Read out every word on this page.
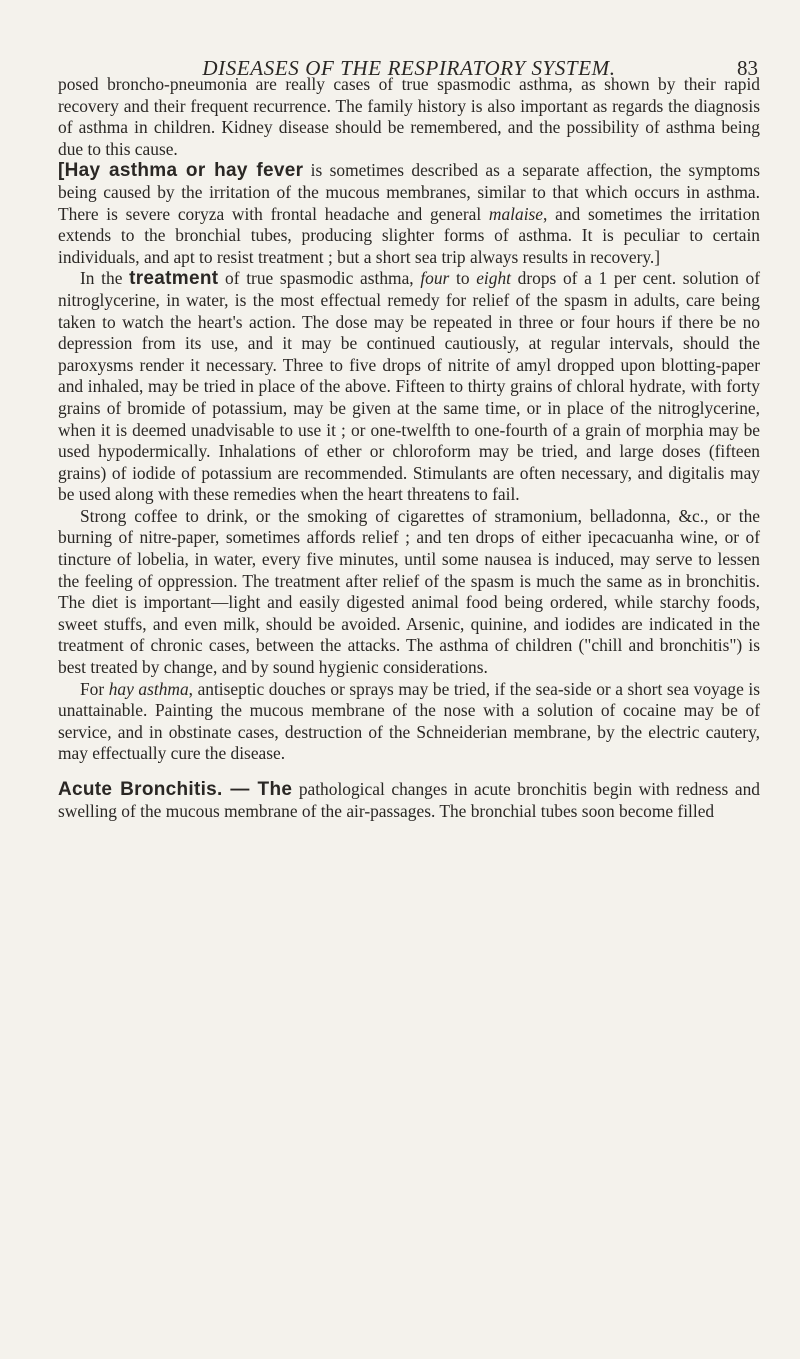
DISEASES OF THE RESPIRATORY SYSTEM.	83

posed broncho-pneumonia are really cases of true spasmodic asthma, as shown by their rapid recovery and their frequent recurrence. The family history is also important as regards the diagnosis of asthma in children. Kidney disease should be remembered, and the possibility of asthma being due to this cause.

[Hay asthma or hay fever is sometimes described as a separate affection, the symptoms being caused by the irritation of the mucous membranes, similar to that which occurs in asthma. There is severe coryza with frontal headache and general malaise, and sometimes the irritation extends to the bronchial tubes, producing slighter forms of asthma. It is peculiar to certain individuals, and apt to resist treatment ; but a short sea trip always results in recovery.]

In the treatment of true spasmodic asthma, four to eight drops of a 1 per cent. solution of nitroglycerine, in water, is the most effectual remedy for relief of the spasm in adults, care being taken to watch the heart's action. The dose may be repeated in three or four hours if there be no depression from its use, and it may be continued cautiously, at regular intervals, should the paroxysms render it necessary. Three to five drops of nitrite of amyl dropped upon blotting-paper and inhaled, may be tried in place of the above. Fifteen to thirty grains of chloral hydrate, with forty grains of bromide of potassium, may be given at the same time, or in place of the nitroglycerine, when it is deemed unadvisable to use it ; or one-twelfth to one-fourth of a grain of morphia may be used hypodermically. Inhalations of ether or chloroform may be tried, and large doses (fifteen grains) of iodide of potassium are recommended. Stimulants are often necessary, and digitalis may be used along with these remedies when the heart threatens to fail.

Strong coffee to drink, or the smoking of cigarettes of stramonium, belladonna, &c., or the burning of nitre-paper, sometimes affords relief ; and ten drops of either ipecacuanha wine, or of tincture of lobelia, in water, every five minutes, until some nausea is induced, may serve to lessen the feeling of oppression. The treatment after relief of the spasm is much the same as in bronchitis. The diet is important—light and easily digested animal food being ordered, while starchy foods, sweet stuffs, and even milk, should be avoided. Arsenic, quinine, and iodides are indicated in the treatment of chronic cases, between the attacks. The asthma of children ("chill and bronchitis") is best treated by change, and by sound hygienic considerations.

For hay asthma, antiseptic douches or sprays may be tried, if the sea-side or a short sea voyage is unattainable. Painting the mucous membrane of the nose with a solution of cocaine may be of service, and in obstinate cases, destruction of the Schneiderian membrane, by the electric cautery, may effectually cure the disease.

Acute Bronchitis. — The pathological changes in acute bronchitis begin with redness and swelling of the mucous membrane of the air-passages. The bronchial tubes soon become filled
